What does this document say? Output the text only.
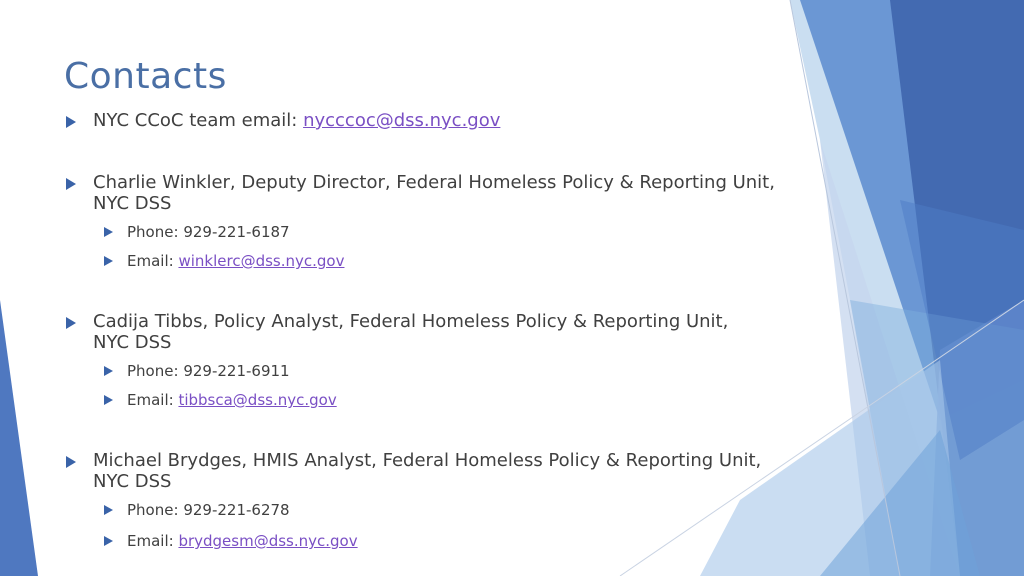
Contacts
NYC CCoC team email: nycccoc@dss.nyc.gov
Charlie Winkler, Deputy Director, Federal Homeless Policy & Reporting Unit,
NYC DSS
Phone: 929-221-6187
Email: winklerc@dss.nyc.gov
Cadija Tibbs, Policy Analyst, Federal Homeless Policy & Reporting Unit,
NYC DSS
Phone: 929-221-6911
Email: tibbsca@dss.nyc.gov
Michael Brydges, HMIS Analyst, Federal Homeless Policy & Reporting Unit,
NYC DSS
Phone: 929-221-6278
Email: brydgesm@dss.nyc.gov
